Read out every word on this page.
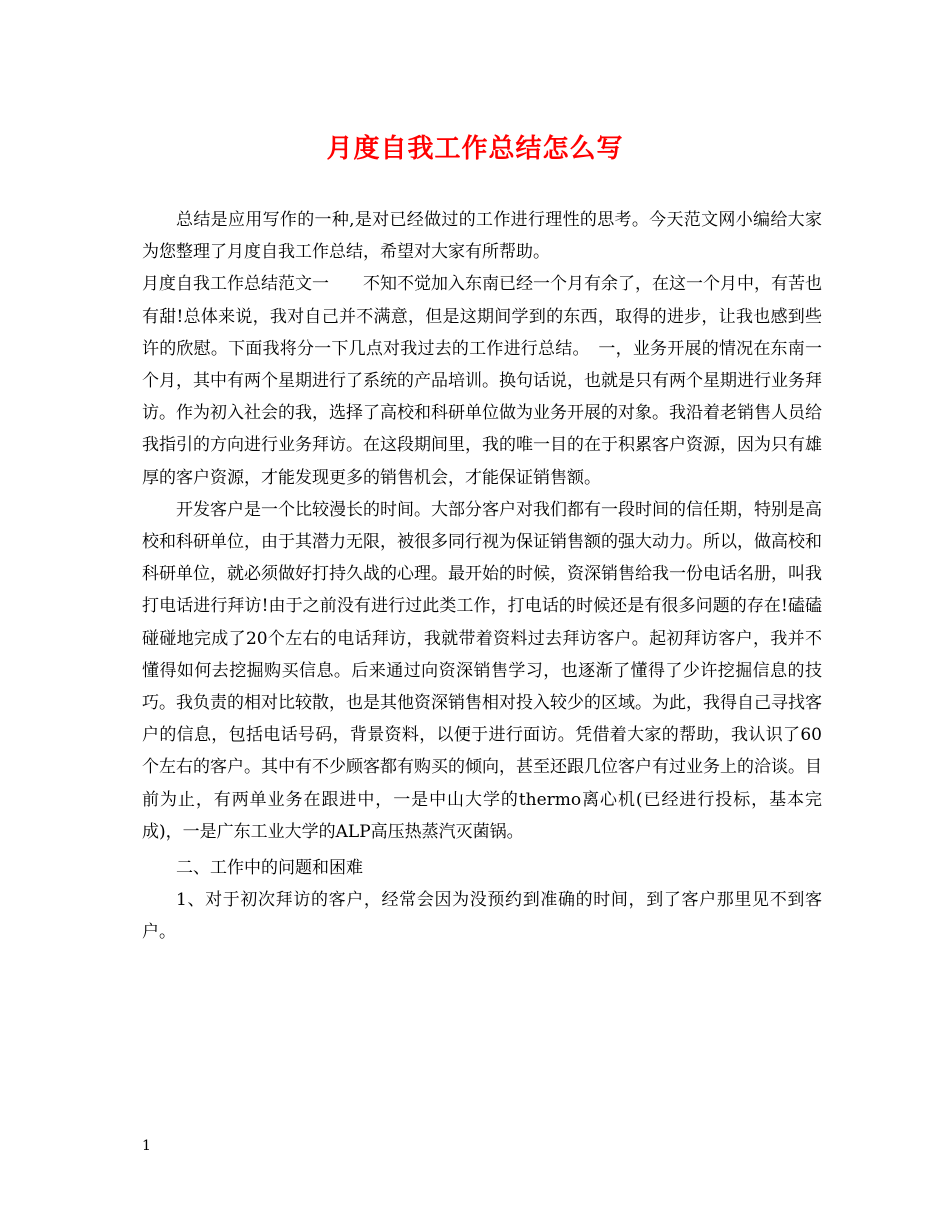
月度自我工作总结怎么写

总结是应用写作的一种,是对已经做过的工作进行理性的思考。今天范文网小编给大家为您整理了月度自我工作总结，希望对大家有所帮助。

月度自我工作总结范文一　　不知不觉加入东南已经一个月有余了，在这一个月中，有苦也有甜!总体来说，我对自己并不满意，但是这期间学到的东西，取得的进步，让我也感到些许的欣慰。下面我将分一下几点对我过去的工作进行总结。　一，业务开展的情况在东南一个月，其中有两个星期进行了系统的产品培训。换句话说，也就是只有两个星期进行业务拜访。作为初入社会的我，选择了高校和科研单位做为业务开展的对象。我沿着老销售人员给我指引的方向进行业务拜访。在这段期间里，我的唯一目的在于积累客户资源，因为只有雄厚的客户资源，才能发现更多的销售机会，才能保证销售额。

开发客户是一个比较漫长的时间。大部分客户对我们都有一段时间的信任期，特别是高校和科研单位，由于其潜力无限，被很多同行视为保证销售额的强大动力。所以，做高校和科研单位，就必须做好打持久战的心理。最开始的时候，资深销售给我一份电话名册，叫我打电话进行拜访!由于之前没有进行过此类工作，打电话的时候还是有很多问题的存在!磕磕碰碰地完成了20个左右的电话拜访，我就带着资料过去拜访客户。起初拜访客户，我并不懂得如何去挖掘购买信息。后来通过向资深销售学习，也逐渐了懂得了少许挖掘信息的技巧。我负责的相对比较散，也是其他资深销售相对投入较少的区域。为此，我得自己寻找客户的信息，包括电话号码，背景资料，以便于进行面访。凭借着大家的帮助，我认识了60个左右的客户。其中有不少顾客都有购买的倾向，甚至还跟几位客户有过业务上的洽谈。目前为止，有两单业务在跟进中，一是中山大学的thermo离心机(已经进行投标，基本完成)，一是广东工业大学的ALP高压热蒸汽灭菌锅。

二、工作中的问题和困难

1、对于初次拜访的客户，经常会因为没预约到准确的时间，到了客户那里见不到客户。

1
